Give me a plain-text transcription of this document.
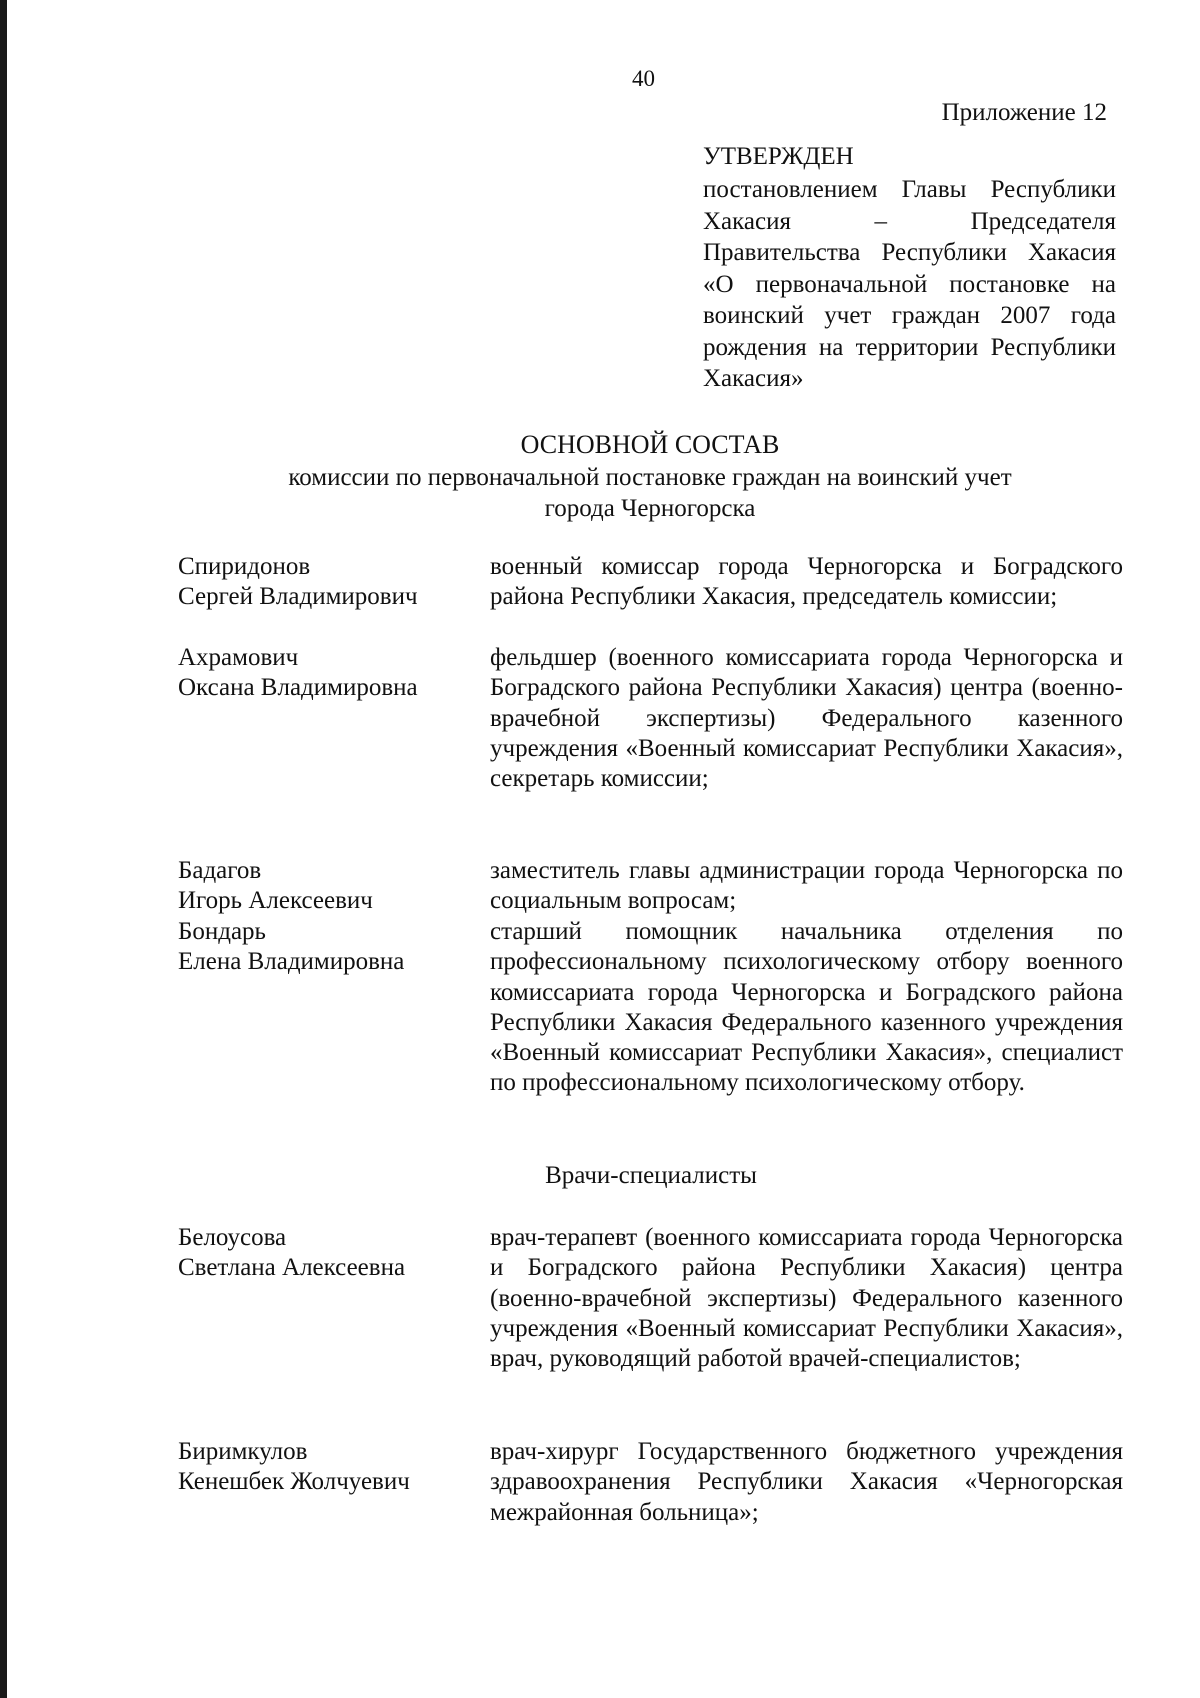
40
Приложение 12
УТВЕРЖДЕН
постановлением Главы Республики Хакасия – Председателя Правительства Республики Хакасия «О первоначальной постановке на воинский учет граждан 2007 года рождения на территории Республики Хакасия»
ОСНОВНОЙ СОСТАВ
комиссии по первоначальной постановке граждан на воинский учет
города Черногорска
Спиридонов
Сергей Владимирович
военный комиссар города Черногорска и Боградского района Республики Хакасия, председатель комиссии;
Ахрамович
Оксана Владимировна
фельдшер (военного комиссариата города Черногорска и Боградского района Республики Хакасия) центра (военно-врачебной экспертизы) Федерального казенного учреждения «Военный комиссариат Республики Хакасия», секретарь комиссии;
Бадагов
Игорь Алексеевич
заместитель главы администрации города Черногорска по социальным вопросам;
Бондарь
Елена Владимировна
старший помощник начальника отделения по профессиональному психологическому отбору военного комиссариата города Черногорска и Боградского района Республики Хакасия Федерального казенного учреждения «Военный комиссариат Республики Хакасия», специалист по профессиональному психологическому отбору.
Врачи-специалисты
Белоусова
Светлана Алексеевна
врач-терапевт (военного комиссариата города Черногорска и Боградского района Республики Хакасия) центра (военно-врачебной экспертизы) Федерального казенного учреждения «Военный комиссариат Республики Хакасия», врач, руководящий работой врачей-специалистов;
Биримкулов
Кенешбек Жолчуевич
врач-хирург Государственного бюджетного учреждения здравоохранения Республики Хакасия «Черногорская межрайонная больница»;
